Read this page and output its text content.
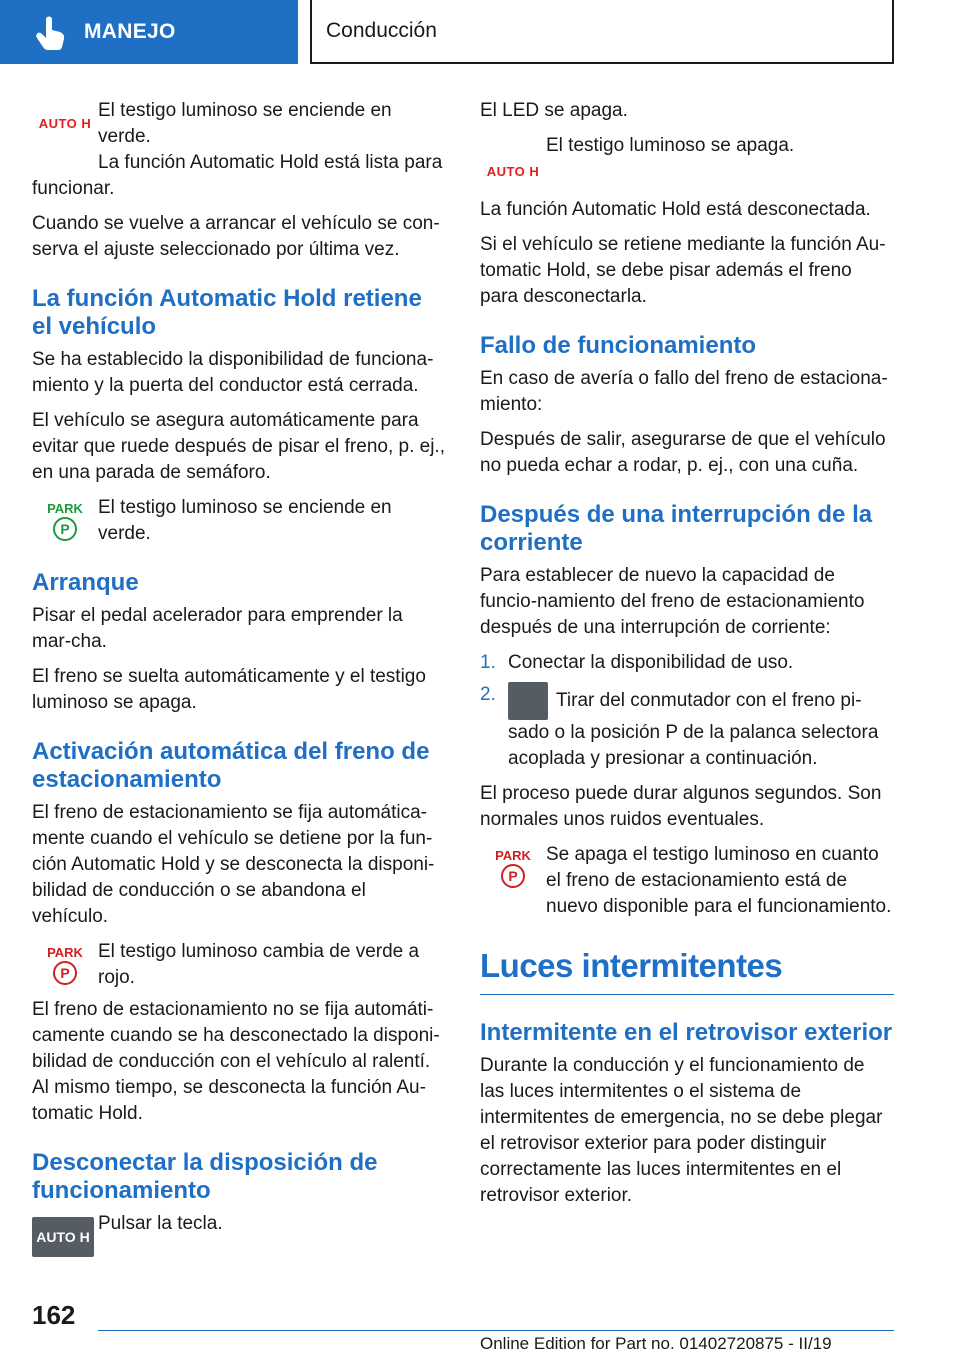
MANEJO	Conducción
AUTO H
El testigo luminoso se enciende en verde.

La función Automatic Hold está lista para funcionar.

Cuando se vuelve a arrancar el vehículo se con‐serva el ajuste seleccionado por última vez.

La función Automatic Hold retiene el vehículo

Se ha establecido la disponibilidad de funciona‐miento y la puerta del conductor está cerrada.

El vehículo se asegura automáticamente para evitar que ruede después de pisar el freno, p. ej., en una parada de semáforo.

PARK
P
El testigo luminoso se enciende en verde.
Arranque

Pisar el pedal acelerador para emprender la mar‐cha.

El freno se suelta automáticamente y el testigo luminoso se apaga.

Activación automática del freno de estacionamiento

El freno de estacionamiento se fija automática‐mente cuando el vehículo se detiene por la fun‐ción Automatic Hold y se desconecta la disponi‐bilidad de conducción o se abandona el vehículo.

PARK
P
El testigo luminoso cambia de verde a rojo.

El freno de estacionamiento no se fija automáti‐camente cuando se ha desconectado la disponi‐bilidad de conducción con el vehículo al ralentí. Al mismo tiempo, se desconecta la función Au‐tomatic Hold.

Desconectar la disposición de funcionamiento
AUTO H
Pulsar la tecla.

El LED se apaga.

AUTO H
El testigo luminoso se apaga.

La función Automatic Hold está desconectada.

Si el vehículo se retiene mediante la función Au‐tomatic Hold, se debe pisar además el freno para desconectarla.

Fallo de funcionamiento

En caso de avería o fallo del freno de estaciona‐miento:

Después de salir, asegurarse de que el vehículo no pueda echar a rodar, p. ej., con una cuña.

Después de una interrupción de la corriente

Para establecer de nuevo la capacidad de funcio‐namiento del freno de estacionamiento después de una interrupción de corriente:

1. Conectar la disponibilidad de uso.
2.	Tirar del conmutador con el freno pi‐sado o la posición P de la palanca selectora acoplada y presionar a continuación.

El proceso puede durar algunos segundos. Son normales unos ruidos eventuales.

PARK
P
Se apaga el testigo luminoso en cuanto el freno de estacionamiento está de nuevo disponible para el funcionamiento.
Luces intermitentes
Intermitente en el retrovisor exterior

Durante la conducción y el funcionamiento de las luces intermitentes o el sistema de intermitentes de emergencia, no se debe plegar el retrovisor exterior para poder distinguir correctamente las luces intermitentes en el retrovisor exterior.

162
Online Edition for Part no. 01402720875 - II/19
